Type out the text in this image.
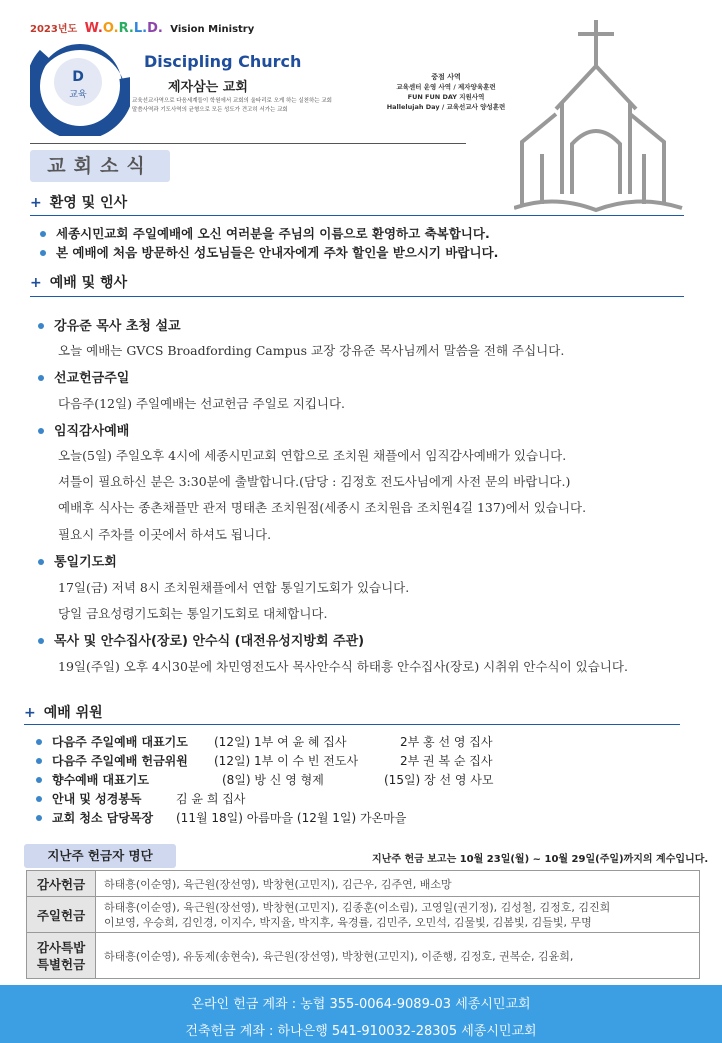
2023년도 W.O.R.L.D. Vision Ministry
D
교육
Discipling Church
Discipling Church
제자삼는 교회
교육선교사역으로 다음세계들이 학원에서 교회의 울타리로 오게 하는 실천하는 교회
말씀사역과 기도사역의 균형으로 모든 성도가 견고히 서가는 교회
중점 사역
교육센터 운영 사역 / 제자양육훈련
FUN FUN DAY 지원사역
Hallelujah Day / 교육선교사 양성훈련
교회소식
+ 환영 및 인사
세종시민교회 주일예배에 오신 여러분을 주님의 이름으로 환영하고 축복합니다.
본 예배에 처음 방문하신 성도님들은 안내자에게 주차 할인을 받으시기 바랍니다.
+ 예배 및 행사
강유준 목사 초청 설교
오늘 예배는 GVCS Broadfording Campus 교장 강유준 목사님께서 말씀을 전해 주십니다.
선교헌금주일
다음주(12일) 주일예배는 선교헌금 주일로 지킵니다.
임직감사예배
오늘(5일) 주일오후 4시에 세종시민교회 연합으로 조치원 채플에서 임직감사예배가 있습니다.
셔틀이 필요하신 분은 3:30분에 출발합니다.(담당 : 김정호 전도사님에게 사전 문의 바랍니다.)
예배후 식사는 종촌채플만 관저 명태촌 조치원점(세종시 조치원읍 조치원4길 137)에서 있습니다.
필요시 주차를 이곳에서 하셔도 됩니다.
통일기도회
17일(금) 저녁 8시 조치원채플에서 연합 통일기도회가 있습니다.
당일 금요성령기도회는 통일기도회로 대체합니다.
목사 및 안수집사(장로) 안수식 (대전유성지방회 주관)
19일(주일) 오후 4시30분에 차민영전도사 목사안수식 하태흥 안수집사(장로) 시취위 안수식이 있습니다.
+ 예배 위원
다음주 주일예배 대표기도 (12일) 1부 여 윤 혜 집사	2부 홍 선 영 집사
다음주 주일예배 헌금위원 (12일) 1부 이 수 빈 전도사	2부 권 복 순 집사
향수예배 대표기도	(8일) 방 신 영 형제	(15일) 장 선 영 사모
안내 및 성경봉독	김 윤 희 집사
교회 청소 담당목장 (11월 18일) 아름마을 (12월 1일) 가온마을
지난주 헌금자 명단	지난주 헌금 보고는 10월 23일(월) ~ 10월 29일(주일)까지의 계수입니다.
감사헌금	하태흥(이순영), 육근원(장선영), 박창현(고민지), 김근우, 김주연, 배소망

주일헌금	하태흥(이순영), 육근원(장선영), 박창현(고민지), 김종훈(이소림), 고영일(권기정), 김성철, 김정호, 김진희
이보영, 우승희, 김인경, 이지수, 박지율, 박지후, 육경률, 김민주, 오민석, 김물빛, 김봄빛, 김들빛, 무명

감사특밥
특별헌금	하태흥(이순영), 유동제(송현숙), 육근원(장선영), 박창현(고민지), 이준행, 김정호, 권복순, 김윤희,
온라인 헌금 계좌 : 농협 355-0064-9089-03 세종시민교회
건축헌금 계좌 : 하나은행 541-910032-28305 세종시민교회
